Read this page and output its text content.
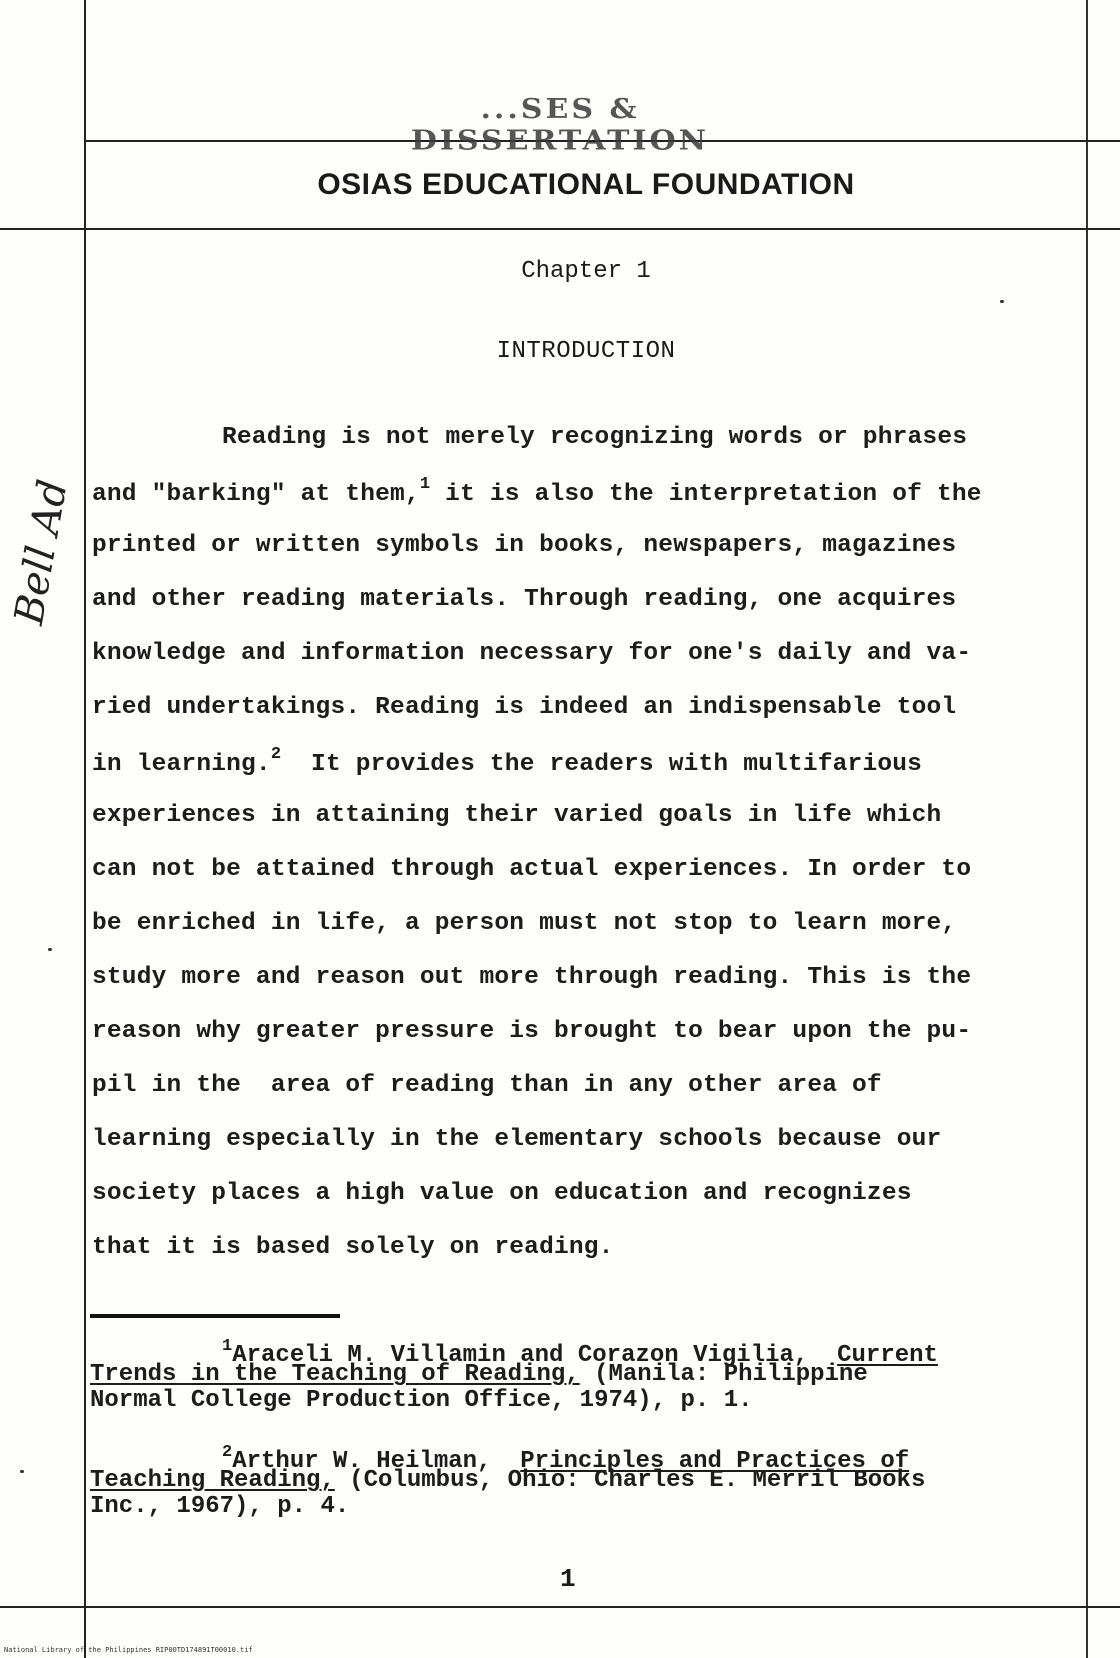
...SES & DISSERTATION
OSIAS EDUCATIONAL FOUNDATION
Chapter 1
INTRODUCTION
Reading is not merely recognizing words or phrases
and "barking" at them,$^1$ it is also the interpretation of the
printed or written symbols in books, newspapers, magazines
and other reading materials. Through reading, one acquires
knowledge and information necessary for one's daily and va-
ried undertakings. Reading is indeed an indispensable tool
in learning.$^2$  It provides the readers with multifarious
experiences in attaining their varied goals in life which
can not be attained through actual experiences. In order to
be enriched in life, a person must not stop to learn more,
study more and reason out more through reading. This is the
reason why greater pressure is brought to bear upon the pu-
pil in the  area of reading than in any other area of
learning especially in the elementary schools because our
society places a high value on education and recognizes
that it is based solely on reading.
$^1$Araceli M. Villamin and Corazon Vigilia, Current
Trends in the Teaching of Reading, (Manila: Philippine
Normal College Production Office, 1974), p. 1.
$^2$Arthur W. Heilman, Principles and Practices of
Teaching Reading, (Columbus, Ohio: Charles E. Merril Books
Inc., 1967), p. 4.
1
Bell Ad
National Library of the Philippines RIP00TD174891T00010.tif
